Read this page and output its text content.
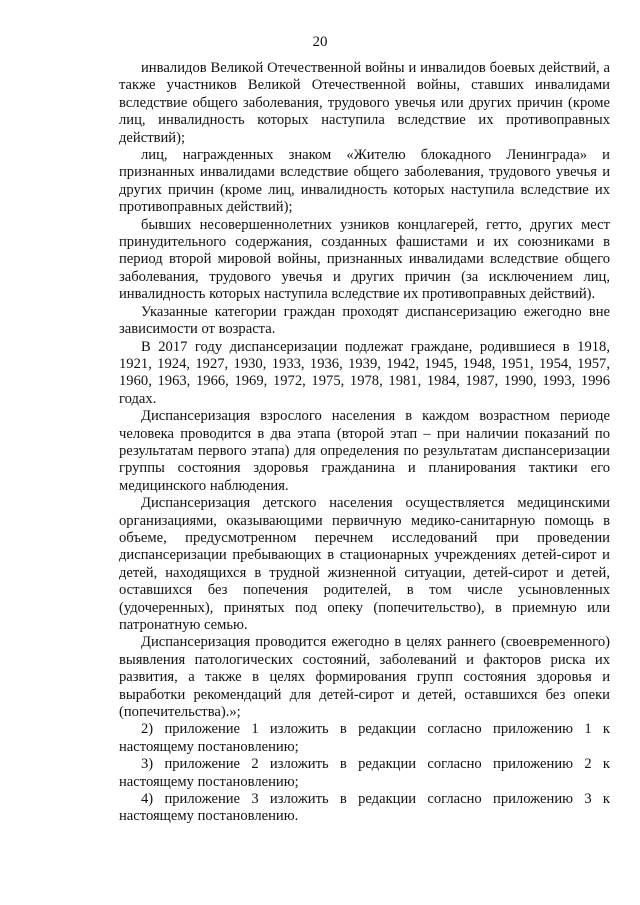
20

инвалидов Великой Отечественной войны и инвалидов боевых действий, а также участников Великой Отечественной войны, ставших инвалидами вследствие общего заболевания, трудового увечья или других причин (кроме лиц, инвалидность которых наступила вследствие их противоправных действий);

лиц, награжденных знаком «Жителю блокадного Ленинграда» и признанных инвалидами вследствие общего заболевания, трудового увечья и других причин (кроме лиц, инвалидность которых наступила вследствие их противоправных действий);

бывших несовершеннолетних узников концлагерей, гетто, других мест принудительного содержания, созданных фашистами и их союзниками в период второй мировой войны, признанных инвалидами вследствие общего заболевания, трудового увечья и других причин (за исключением лиц, инвалидность которых наступила вследствие их противоправных действий).

Указанные категории граждан проходят диспансеризацию ежегодно вне зависимости от возраста.

В 2017 году диспансеризации подлежат граждане, родившиеся в 1918, 1921, 1924, 1927, 1930, 1933, 1936, 1939, 1942, 1945, 1948, 1951, 1954, 1957, 1960, 1963, 1966, 1969, 1972, 1975, 1978, 1981, 1984, 1987, 1990, 1993, 1996 годах.

Диспансеризация взрослого населения в каждом возрастном периоде человека проводится в два этапа (второй этап – при наличии показаний по результатам первого этапа) для определения по результатам диспансеризации группы состояния здоровья гражданина и планирования тактики его медицинского наблюдения.

Диспансеризация детского населения осуществляется медицинскими организациями, оказывающими первичную медико-санитарную помощь в объеме, предусмотренном перечнем исследований при проведении диспансеризации пребывающих в стационарных учреждениях детей-сирот и детей, находящихся в трудной жизненной ситуации, детей-сирот и детей, оставшихся без попечения родителей, в том числе усыновленных (удочеренных), принятых под опеку (попечительство), в приемную или патронатную семью.

Диспансеризация проводится ежегодно в целях раннего (своевременного) выявления патологических состояний, заболеваний и факторов риска их развития, а также в целях формирования групп состояния здоровья и выработки рекомендаций для детей-сирот и детей, оставшихся без опеки (попечительства).»;

2) приложение 1 изложить в редакции согласно приложению 1 к настоящему постановлению;

3) приложение 2 изложить в редакции согласно приложению 2 к настоящему постановлению;

4) приложение 3 изложить в редакции согласно приложению 3 к настоящему постановлению.
